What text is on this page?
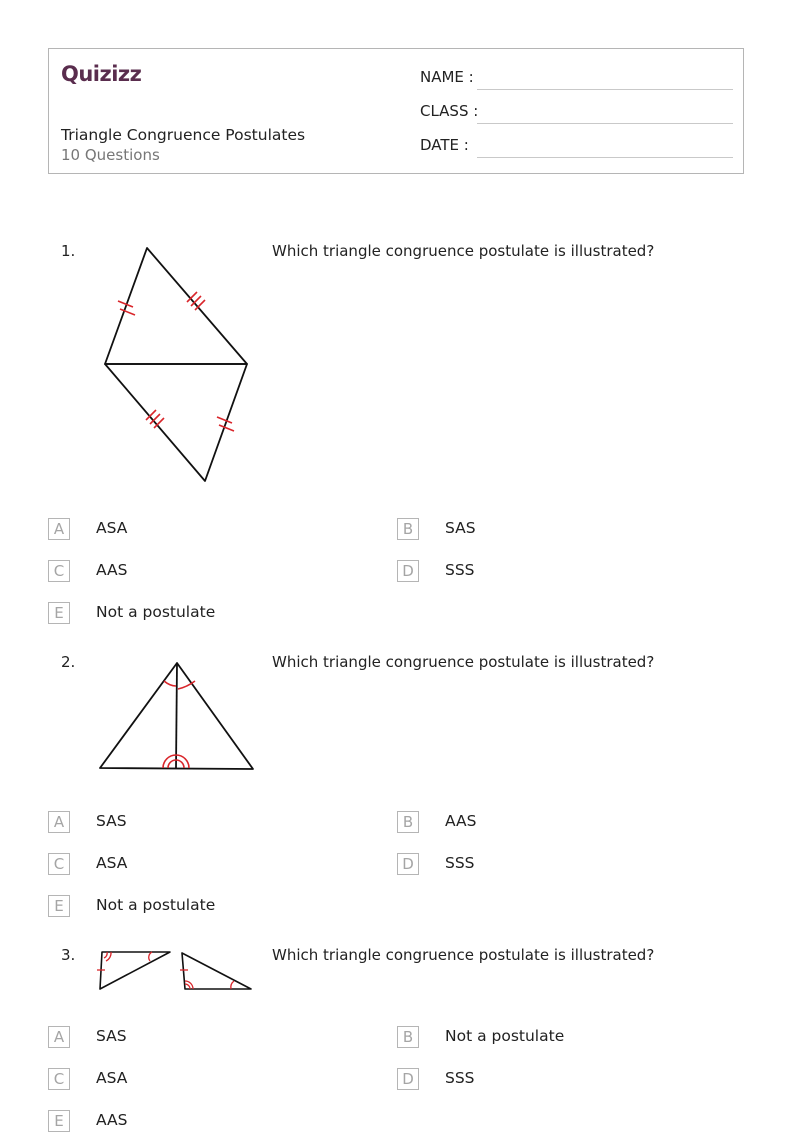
Quizizz
Triangle Congruence Postulates
10 Questions
NAME :
CLASS :
DATE :
1.	Which triangle congruence postulate is illustrated?
A	ASA	B	SAS
C	AAS	D	SSS
E	Not a postulate
2.	Which triangle congruence postulate is illustrated?
A	SAS	B	AAS
C	ASA	D	SSS
E	Not a postulate
3.	Which triangle congruence postulate is illustrated?
A	SAS	B	Not a postulate
C	ASA	D	SSS
E	AAS
